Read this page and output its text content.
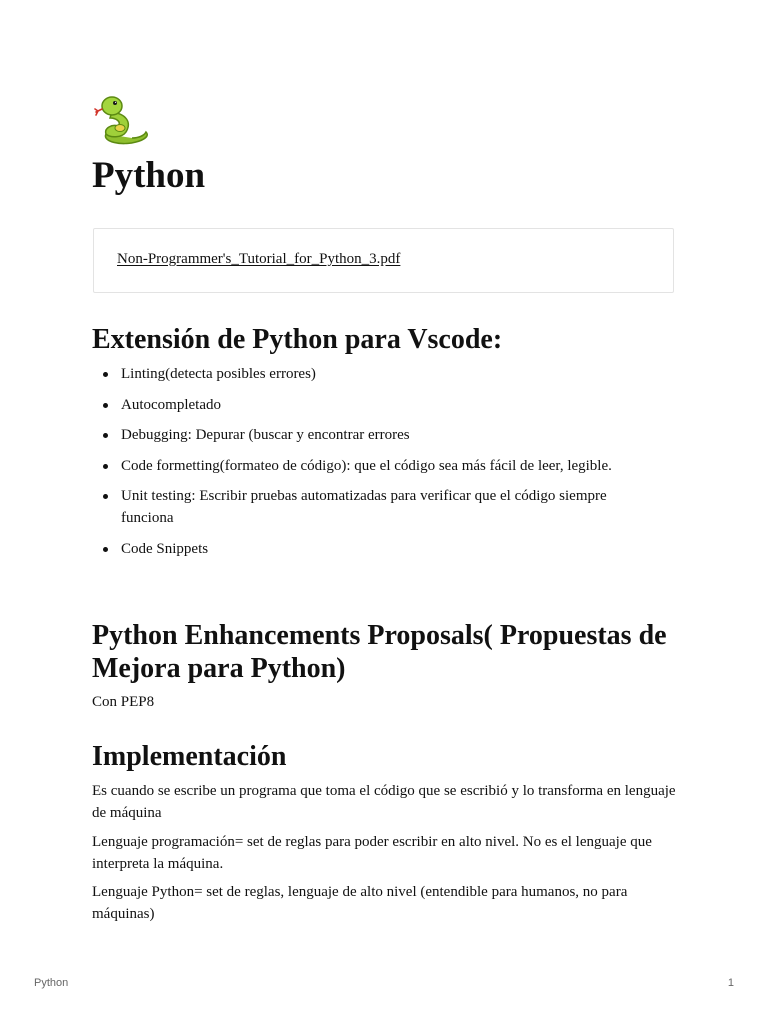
Python
Non-Programmer's_Tutorial_for_Python_3.pdf
Extensión de Python para Vscode:
Linting(detecta posibles errores)
Autocompletado
Debugging: Depurar (buscar y encontrar errores
Code formetting(formateo de código): que el código sea más fácil de leer, legible.
Unit testing: Escribir pruebas automatizadas para verificar que el código siempre funciona
Code Snippets
Python Enhancements Proposals( Propuestas de Mejora para Python)

Con PEP8

Implementación

Es cuando se escribe un programa que toma el código que se escribió y lo transforma en lenguaje de máquina

Lenguaje programación= set de reglas para poder escribir en alto nivel. No es el lenguaje que interpreta la máquina.

Lenguaje Python= set de reglas, lenguaje de alto nivel (entendible para humanos, no para máquinas)

Python	1
